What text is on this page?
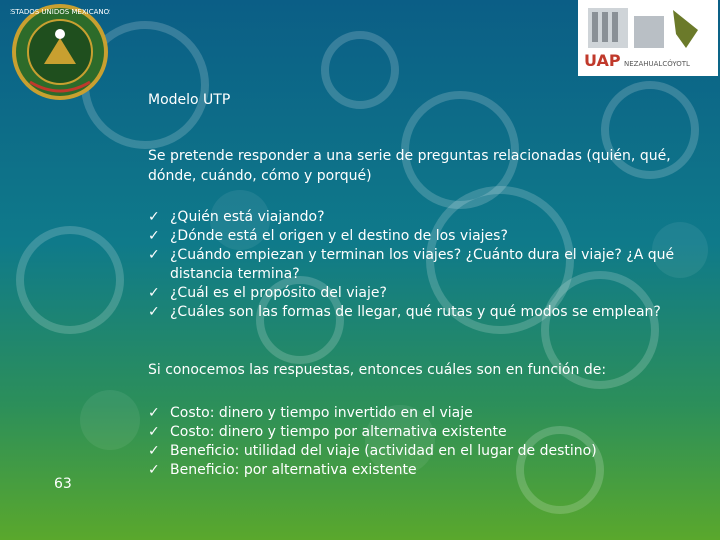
ESTADOS UNIDOS MEXICANOS
UAP NEZAHUALCÓYOTL
Modelo UTP
Se pretende responder a una serie de preguntas relacionadas (quién, qué, dónde, cuándo, cómo y porqué)
✓ ¿Quién está viajando?
✓ ¿Dónde está el origen y el destino de los viajes?
✓ ¿Cuándo empiezan y terminan los viajes? ¿Cuánto dura el viaje? ¿A qué distancia termina?
✓ ¿Cuál es el propósito del viaje?
✓ ¿Cuáles son las formas de llegar, qué rutas y qué modos se emplean?
Si conocemos las respuestas, entonces cuáles son en función de:
✓ Costo: dinero y tiempo invertido en el viaje
✓ Costo: dinero y tiempo por alternativa existente
✓ Beneficio: utilidad del viaje (actividad en el lugar de destino)
✓ Beneficio: por alternativa existente
63
